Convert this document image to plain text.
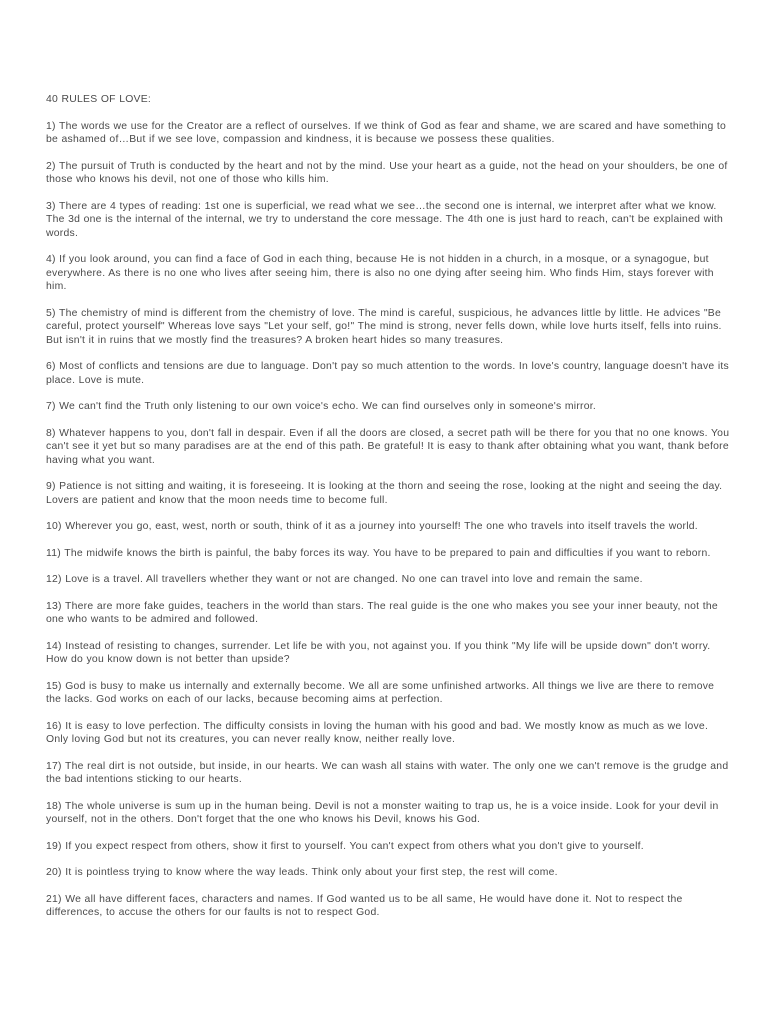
40 RULES OF LOVE:

1) The words we use for the Creator are a reflect of ourselves. If we think of God as fear and shame, we are scared and have something to be ashamed of…But if we see love, compassion and kindness, it is because we possess these qualities.

2) The pursuit of Truth is conducted by the heart and not by the mind. Use your heart as a guide, not the head on your shoulders, be one of those who knows his devil, not one of those who kills him.

3) There are 4 types of reading: 1st one is superficial, we read what we see…the second one is internal, we interpret after what we know. The 3d one is the internal of the internal, we try to understand the core message. The 4th one is just hard to reach, can't be explained with words.

4) If you look around, you can find a face of God in each thing, because He is not hidden in a church, in a mosque, or a synagogue, but everywhere. As there is no one who lives after seeing him, there is also no one dying after seeing him. Who finds Him, stays forever with him.

5) The chemistry of mind is different from the chemistry of love. The mind is careful, suspicious, he advances little by little. He advices "Be careful, protect yourself" Whereas love says "Let your self, go!" The mind is strong, never fells down, while love hurts itself, fells into ruins. But isn't it in ruins that we mostly find the treasures? A broken heart hides so many treasures.

6) Most of conflicts and tensions are due to language. Don't pay so much attention to the words. In love's country, language doesn't have its place. Love is mute.

7) We can't find the Truth only listening to our own voice's echo. We can find ourselves only in someone's mirror.

8) Whatever happens to you, don't fall in despair. Even if all the doors are closed, a secret path will be there for you that no one knows. You can't see it yet but so many paradises are at the end of this path. Be grateful! It is easy to thank after obtaining what you want, thank before having what you want.

9) Patience is not sitting and waiting, it is foreseeing. It is looking at the thorn and seeing the rose, looking at the night and seeing the day. Lovers are patient and know that the moon needs time to become full.

10) Wherever you go, east, west, north or south, think of it as a journey into yourself! The one who travels into itself travels the world.

11) The midwife knows the birth is painful, the baby forces its way. You have to be prepared to pain and difficulties if you want to reborn.

12) Love is a travel. All travellers whether they want or not are changed. No one can travel into love and remain the same.

13) There are more fake guides, teachers in the world than stars. The real guide is the one who makes you see your inner beauty, not the one who wants to be admired and followed.

14) Instead of resisting to changes, surrender. Let life be with you, not against you. If you think "My life will be upside down" don't worry. How do you know down is not better than upside?

15) God is busy to make us internally and externally become. We all are some unfinished artworks. All things we live are there to remove the lacks. God works on each of our lacks, because becoming aims at perfection.

16) It is easy to love perfection. The difficulty consists in loving the human with his good and bad. We mostly know as much as we love. Only loving God but not its creatures, you can never really know, neither really love.

17) The real dirt is not outside, but inside, in our hearts. We can wash all stains with water. The only one we can't remove is the grudge and the bad intentions sticking to our hearts.

18) The whole universe is sum up in the human being. Devil is not a monster waiting to trap us, he is a voice inside. Look for your devil in yourself, not in the others. Don't forget that the one who knows his Devil, knows his God.

19) If you expect respect from others, show it first to yourself. You can't expect from others what you don't give to yourself.

20) It is pointless trying to know where the way leads. Think only about your first step, the rest will come.

21) We all have different faces, characters and names. If God wanted us to be all same, He would have done it. Not to respect the differences, to accuse the others for our faults is not to respect God.
